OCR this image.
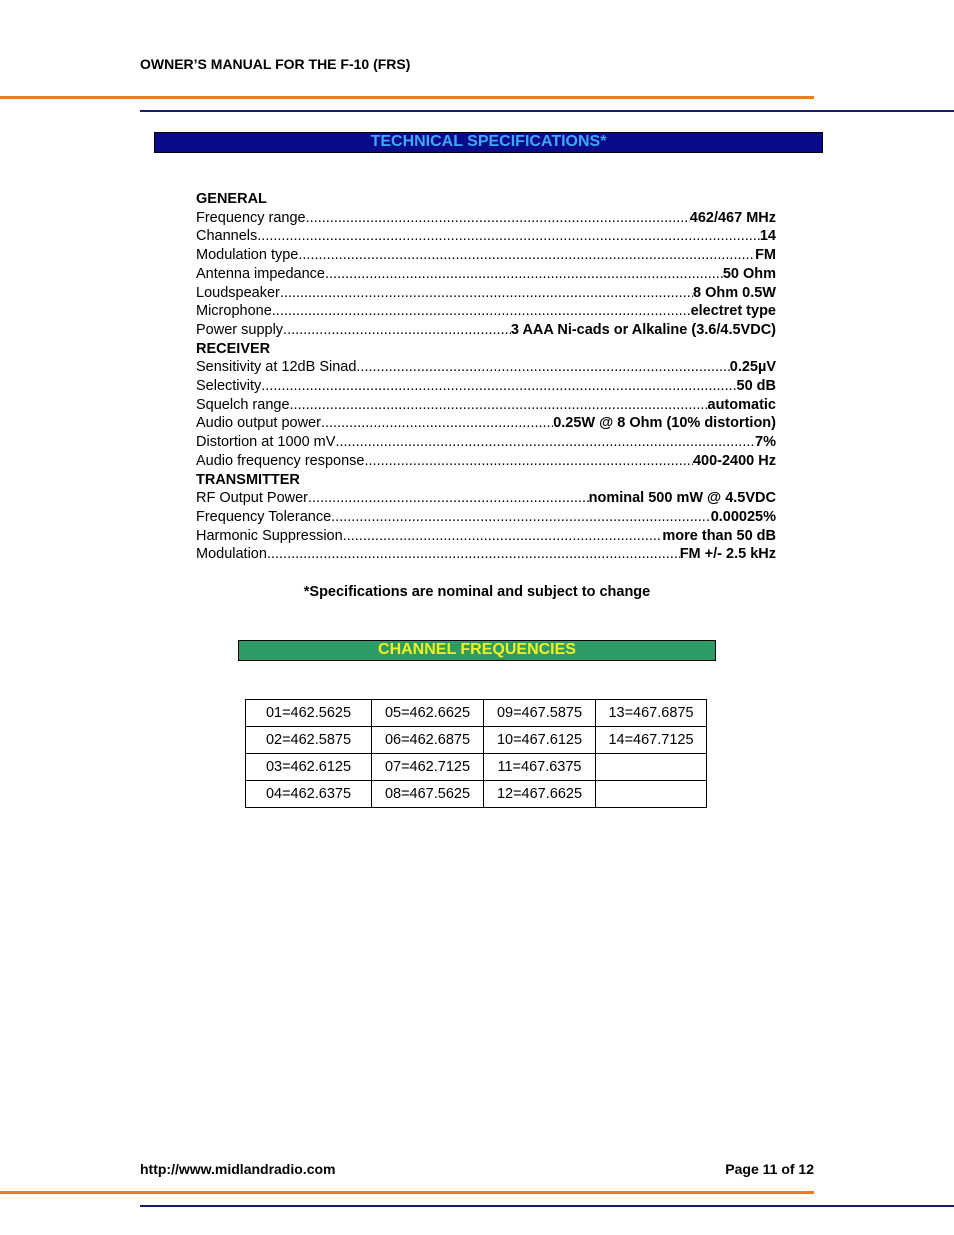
OWNER’S MANUAL FOR THE F-10 (FRS)
TECHNICAL SPECIFICATIONS*
GENERAL
Frequency range .....	462/467 MHz
Channels .....	14
Modulation type .....	FM
Antenna impedance .....	50 Ohm
Loudspeaker .....	8 Ohm 0.5W
Microphone .....	electret type
Power supply .....	3 AAA Ni-cads or Alkaline (3.6/4.5VDC)
RECEIVER
Sensitivity at 12dB Sinad .....	0.25µV
Selectivity .....	50 dB
Squelch range .....	automatic
Audio output power .....	0.25W @ 8 Ohm (10% distortion)
Distortion at 1000 mV .....	7%
Audio frequency response .....	400-2400 Hz
TRANSMITTER
RF Output Power .....	nominal 500 mW @ 4.5VDC
Frequency Tolerance .....	0.00025%
Harmonic Suppression .....	more than 50 dB
Modulation .....	FM +/- 2.5 kHz
*Specifications are nominal and subject to change
CHANNEL FREQUENCIES
01=462.5625	05=462.6625	09=467.5875	13=467.6875
02=462.5875	06=462.6875	10=467.6125	14=467.7125
03=462.6125	07=462.7125	11=467.6375	
04=462.6375	08=467.5625	12=467.6625	
http://www.midlandradio.com	Page 11 of 12
